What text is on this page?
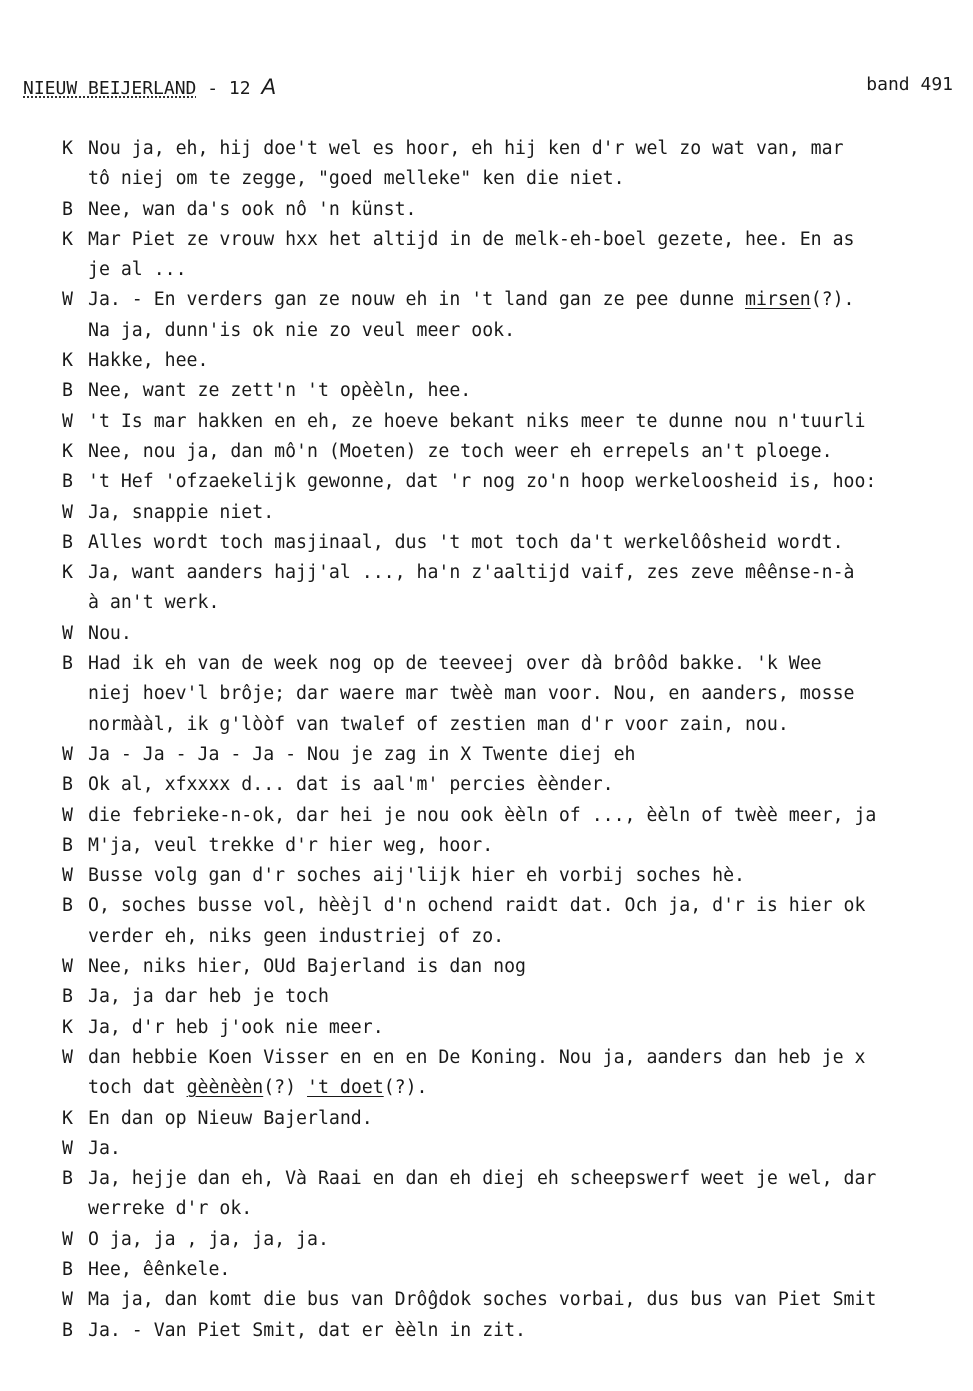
NIEUW BEIJERLAND - 12 A	band 491
K Nou ja, eh, hij doe't wel es hoor, eh hij ken d'r wel zo wat van, mar
tô niej om te zegge, "goed melleke" ken die niet.
B Nee, wan da's ook nô 'n künst.
K Mar Piet ze vrouw hxx het altijd in de melk-eh-boel gezete, hee. En as
je al ...
W Ja. - En verders gan ze nouw eh in 't land gan ze pee dunne mirsen(?).
Na ja, dunn'is ok nie zo veul meer ook.
K Hakke, hee.
B Nee, want ze zett'n 't opèèln, hee.
W 't Is mar hakken en eh, ze hoeve bekant niks meer te dunne nou n'tuurli
K Nee, nou ja, dan mô'n (Moeten) ze toch weer eh errepels an't ploege.
B 't Hef 'ofzaekelijk gewonne, dat 'r nog zo'n hoop werkeloosheid is, hoo:
W Ja, snappie niet.
B Alles wordt toch masjinaal, dus 't mot toch da't werkelôôsheid wordt.
K Ja, want aanders hajj'al ..., ha'n z'aaltijd vaif, zes zeve mêênse-n-à
à an't werk.
W Nou.
B Had ik eh van de week nog op de teeveej over dà brôôd bakke. 'k Wee
niej hoev'l brôje; dar waere mar twèè man voor. Nou, en aanders, mosse
normààl, ik g'lòòf van twalef of zestien man d'r voor zain, nou.
W Ja - Ja - Ja - Ja - Nou je zag in X Twente diej eh
B Ok al, xfxxxx d... dat is aal'm' percies èènder.
W die febrieke-n-ok, dar hei je nou ook èèln of ..., èèln of twèè meer, ja
B M'ja, veul trekke d'r hier weg, hoor.
W Busse volg gan d'r soches aij'lijk hier eh vorbij soches hè.
B O, soches busse vol, hèèjl d'n ochend raidt dat. Och ja, d'r is hier ok
verder eh, niks geen industriej of zo.
W Nee, niks hier, OUd Bajerland is dan nog
B Ja, ja dar heb je toch
K Ja, d'r heb j'ook nie meer.
W dan hebbie Koen Visser en en en De Koning. Nou ja, aanders dan heb je x
toch dat gèènèèn(?) 't doet(?).
K En dan op Nieuw Bajerland.
W Ja.
B Ja, hejje dan eh, Và Raai en dan eh diej eh scheepswerf weet je wel, dar
werreke d'r ok.
W O ja, ja , ja, ja, ja.
B Hee, êênkele.
W Ma ja, dan komt die bus van Drôĝdok soches vorbai, dus bus van Piet Smit
B Ja. - Van Piet Smit, dat er èèln in zit.
